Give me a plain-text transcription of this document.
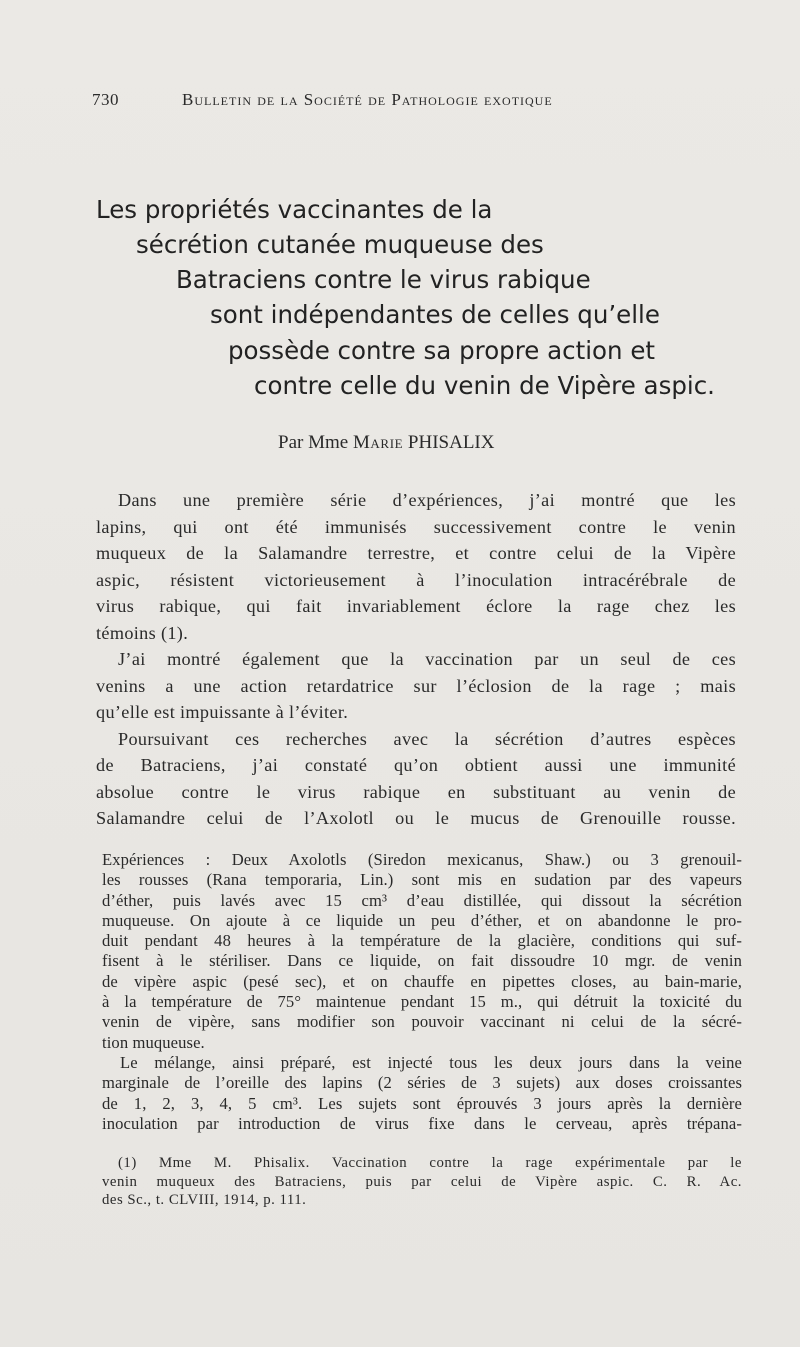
730	Bulletin de la Société de Pathologie exotique
Les propriétés vaccinantes de la
sécrétion cutanée muqueuse des
Batraciens contre le virus rabique
sont indépendantes de celles qu’elle
possède contre sa propre action et
contre celle du venin de Vipère aspic.
Par Mme Marie PHISALIX
Dans une première série d’expériences, j’ai montré que les
lapins, qui ont été immunisés successivement contre le venin
muqueux de la Salamandre terrestre, et contre celui de la Vipère
aspic, résistent victorieusement à l’inoculation intracérébrale de
virus rabique, qui fait invariablement éclore la rage chez les
témoins (1).
J’ai montré également que la vaccination par un seul de ces
venins a une action retardatrice sur l’éclosion de la rage ; mais
qu’elle est impuissante à l’éviter.
Poursuivant ces recherches avec la sécrétion d’autres espèces
de Batraciens, j’ai constaté qu’on obtient aussi une immunité
absolue contre le virus rabique en substituant au venin de
Salamandre celui de l’Axolotl ou le mucus de Grenouille rousse.
Expériences : Deux Axolotls (Siredon mexicanus, Shaw.) ou 3 grenouil-
les rousses (Rana temporaria, Lin.) sont mis en sudation par des vapeurs
d’éther, puis lavés avec 15 cm³ d’eau distillée, qui dissout la sécrétion
muqueuse. On ajoute à ce liquide un peu d’éther, et on abandonne le pro-
duit pendant 48 heures à la température de la glacière, conditions qui suf-
fisent à le stériliser. Dans ce liquide, on fait dissoudre 10 mgr. de venin
de vipère aspic (pesé sec), et on chauffe en pipettes closes, au bain-marie,
à la température de 75° maintenue pendant 15 m., qui détruit la toxicité du
venin de vipère, sans modifier son pouvoir vaccinant ni celui de la sécré-
tion muqueuse.
Le mélange, ainsi préparé, est injecté tous les deux jours dans la veine
marginale de l’oreille des lapins (2 séries de 3 sujets) aux doses croissantes
de 1, 2, 3, 4, 5 cm³. Les sujets sont éprouvés 3 jours après la dernière
inoculation par introduction de virus fixe dans le cerveau, après trépana-
(1) Mme M. Phisalix. Vaccination contre la rage expérimentale par le
venin muqueux des Batraciens, puis par celui de Vipère aspic. C. R. Ac.
des Sc., t. CLVIII, 1914, p. 111.
